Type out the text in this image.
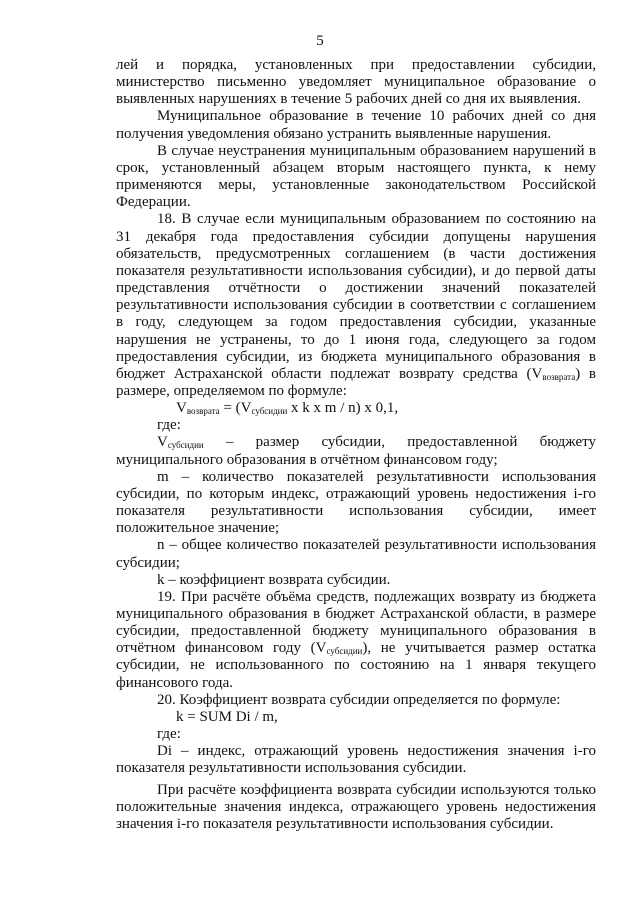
5

лей и порядка, установленных при предоставлении субсидии, министерство письменно уведомляет муниципальное образование о выявленных нарушениях в течение 5 рабочих дней со дня их выявления.

Муниципальное образование в течение 10 рабочих дней со дня получения уведомления обязано устранить выявленные нарушения.

В случае неустранения муниципальным образованием нарушений в срок, установленный абзацем вторым настоящего пункта, к нему применяются меры, установленные законодательством Российской Федерации.

18. В случае если муниципальным образованием по состоянию на 31 декабря года предоставления субсидии допущены нарушения обязательств, предусмотренных соглашением (в части достижения показателя результативности использования субсидии), и до первой даты представления отчётности о достижении значений показателей результативности использования субсидии в соответствии с соглашением в году, следующем за годом предоставления субсидии, указанные нарушения не устранены, то до 1 июня года, следующего за годом предоставления субсидии, из бюджета муниципального образования в бюджет Астраханской области подлежат возврату средства $(V_{возврата})$ в размере, определяемом по формуле:

$V_{возврата} = (V_{субсидии}$ x k x m / n) x 0,1,

где:

$V_{субсидии}$ – размер субсидии, предоставленной бюджету муниципального образования в отчётном финансовом году;

m – количество показателей результативности использования субсидии, по которым индекс, отражающий уровень недостижения i-го показателя результативности использования субсидии, имеет положительное значение;

n – общее количество показателей результативности использования субсидии;

k – коэффициент возврата субсидии.

19. При расчёте объёма средств, подлежащих возврату из бюджета муниципального образования в бюджет Астраханской области, в размере субсидии, предоставленной бюджету муниципального образования в отчётном финансовом году $(V_{субсидии})$, не учитывается размер остатка субсидии, не использованного по состоянию на 1 января текущего финансового года.

20. Коэффициент возврата субсидии определяется по формуле:

k = SUM Di / m,

где:

Di – индекс, отражающий уровень недостижения значения i-го показателя результативности использования субсидии.

При расчёте коэффициента возврата субсидии используются только положительные значения индекса, отражающего уровень недостижения значения i-го показателя результативности использования субсидии.
